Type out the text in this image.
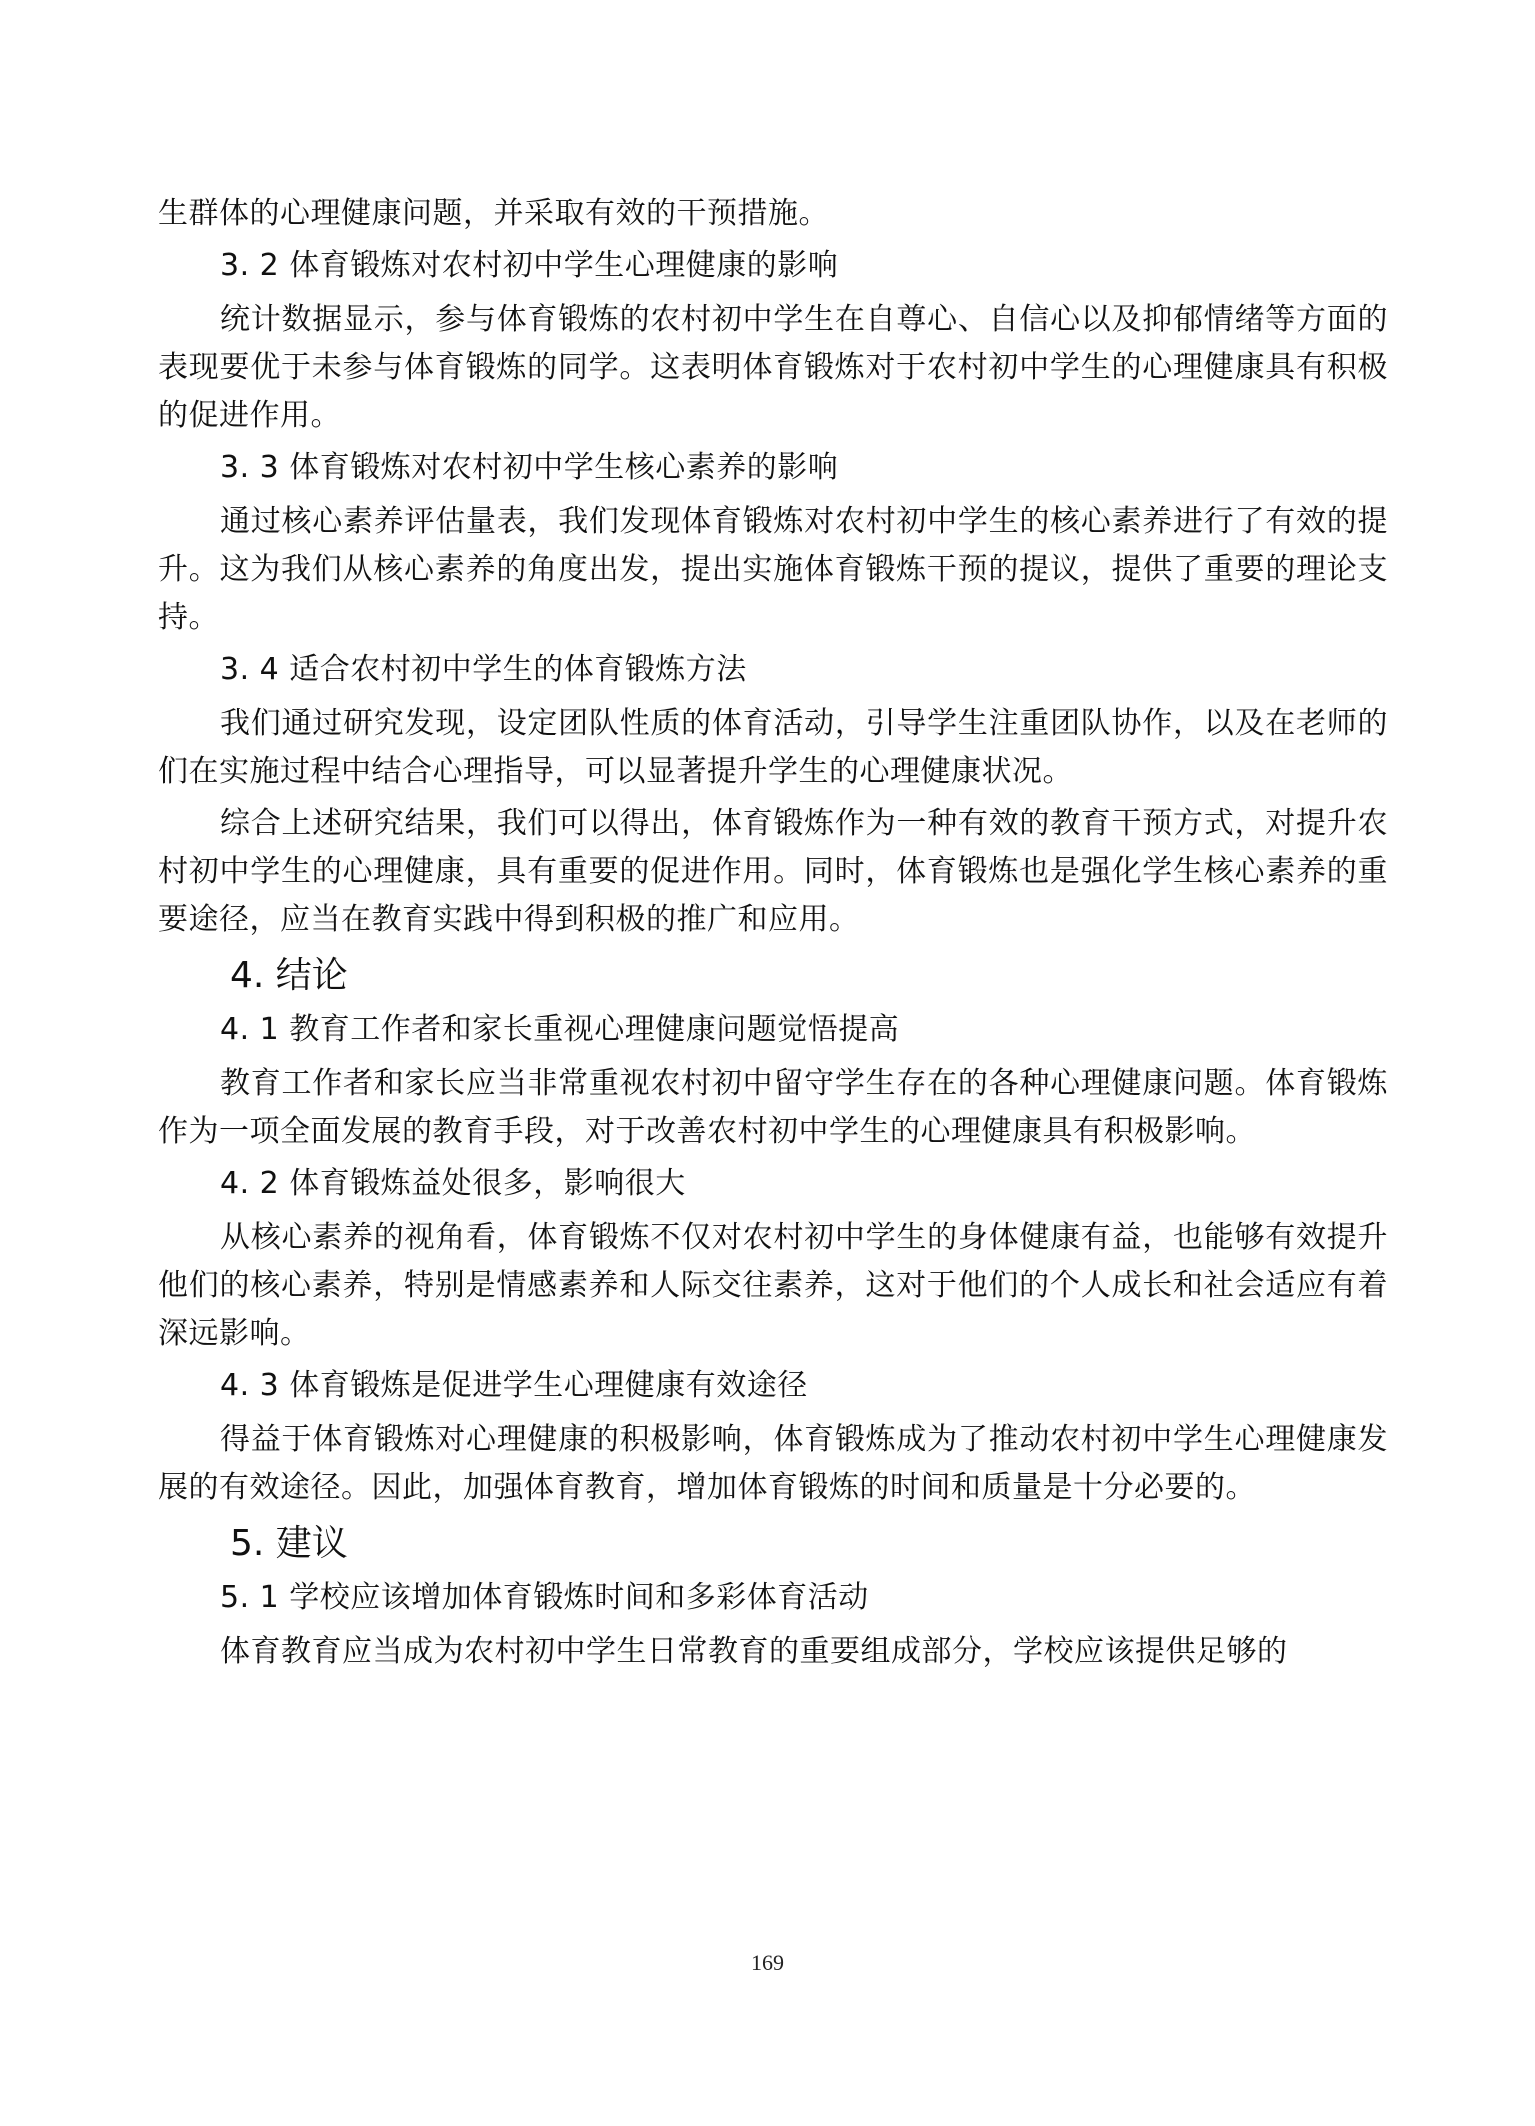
生群体的心理健康问题，并采取有效的干预措施。

3. 2 体育锻炼对农村初中学生心理健康的影响

统计数据显示，参与体育锻炼的农村初中学生在自尊心、自信心以及抑郁情绪等方面的表现要优于未参与体育锻炼的同学。这表明体育锻炼对于农村初中学生的心理健康具有积极的促进作用。

3. 3 体育锻炼对农村初中学生核心素养的影响

通过核心素养评估量表，我们发现体育锻炼对农村初中学生的核心素养进行了有效的提升。这为我们从核心素养的角度出发，提出实施体育锻炼干预的提议，提供了重要的理论支持。

3. 4 适合农村初中学生的体育锻炼方法

我们通过研究发现，设定团队性质的体育活动，引导学生注重团队协作，以及在老师的们在实施过程中结合心理指导，可以显著提升学生的心理健康状况。

综合上述研究结果，我们可以得出，体育锻炼作为一种有效的教育干预方式，对提升农村初中学生的心理健康，具有重要的促进作用。同时，体育锻炼也是强化学生核心素养的重要途径，应当在教育实践中得到积极的推广和应用。

4. 结论
4. 1 教育工作者和家长重视心理健康问题觉悟提高

教育工作者和家长应当非常重视农村初中留守学生存在的各种心理健康问题。体育锻炼作为一项全面发展的教育手段，对于改善农村初中学生的心理健康具有积极影响。

4. 2 体育锻炼益处很多，影响很大

从核心素养的视角看，体育锻炼不仅对农村初中学生的身体健康有益，也能够有效提升他们的核心素养，特别是情感素养和人际交往素养，这对于他们的个人成长和社会适应有着深远影响。

4. 3 体育锻炼是促进学生心理健康有效途径

得益于体育锻炼对心理健康的积极影响，体育锻炼成为了推动农村初中学生心理健康发展的有效途径。因此，加强体育教育，增加体育锻炼的时间和质量是十分必要的。

5. 建议
5. 1 学校应该增加体育锻炼时间和多彩体育活动

体育教育应当成为农村初中学生日常教育的重要组成部分，学校应该提供足够的

169
